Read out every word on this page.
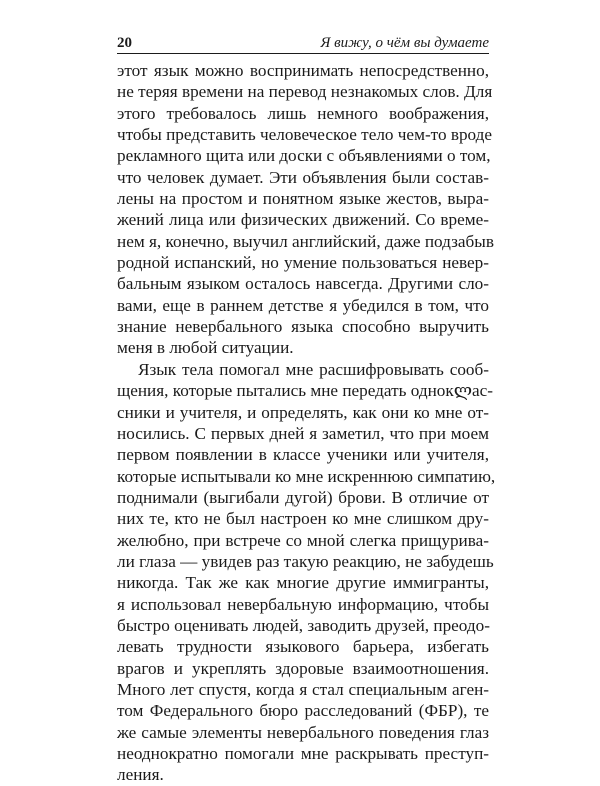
20	Я вижу, о чём вы думаете
этот язык можно воспринимать непосредственно,
не теряя времени на перевод незнакомых слов. Для
этого требовалось лишь немного воображения,
чтобы представить человеческое тело чем-то вроде
рекламного щита или доски с объявлениями о том,
что человек думает. Эти объявления были состав-
лены на простом и понятном языке жестов, выра-
жений лица или физических движений. Со време-
нем я, конечно, выучил английский, даже подзабыв
родной испанский, но умение пользоваться невер-
бальным языком осталось навсегда. Другими сло-
вами, еще в раннем детстве я убедился в том, что
знание невербального языка способно выручить
меня в любой ситуации.
Язык тела помогал мне расшифровывать сооб-
щения, которые пытались мне передать однокლас-
сники и учителя, и определять, как они ко мне от-
носились. С первых дней я заметил, что при моем
первом появлении в классе ученики или учителя,
которые испытывали ко мне искреннюю симпатию,
поднимали (выгибали дугой) брови. В отличие от
них те, кто не был настроен ко мне слишком дру-
желюбно, при встрече со мной слегка прищурива-
ли глаза — увидев раз такую реакцию, не забудешь
никогда. Так же как многие другие иммигранты,
я использовал невербальную информацию, чтобы
быстро оценивать людей, заводить друзей, преодо-
левать трудности языкового барьера, избегать
врагов и укреплять здоровые взаимоотношения.
Много лет спустя, когда я стал специальным аген-
том Федерального бюро расследований (ФБР), те
же самые элементы невербального поведения глаз
неоднократно помогали мне раскрывать преступ-
ления.
